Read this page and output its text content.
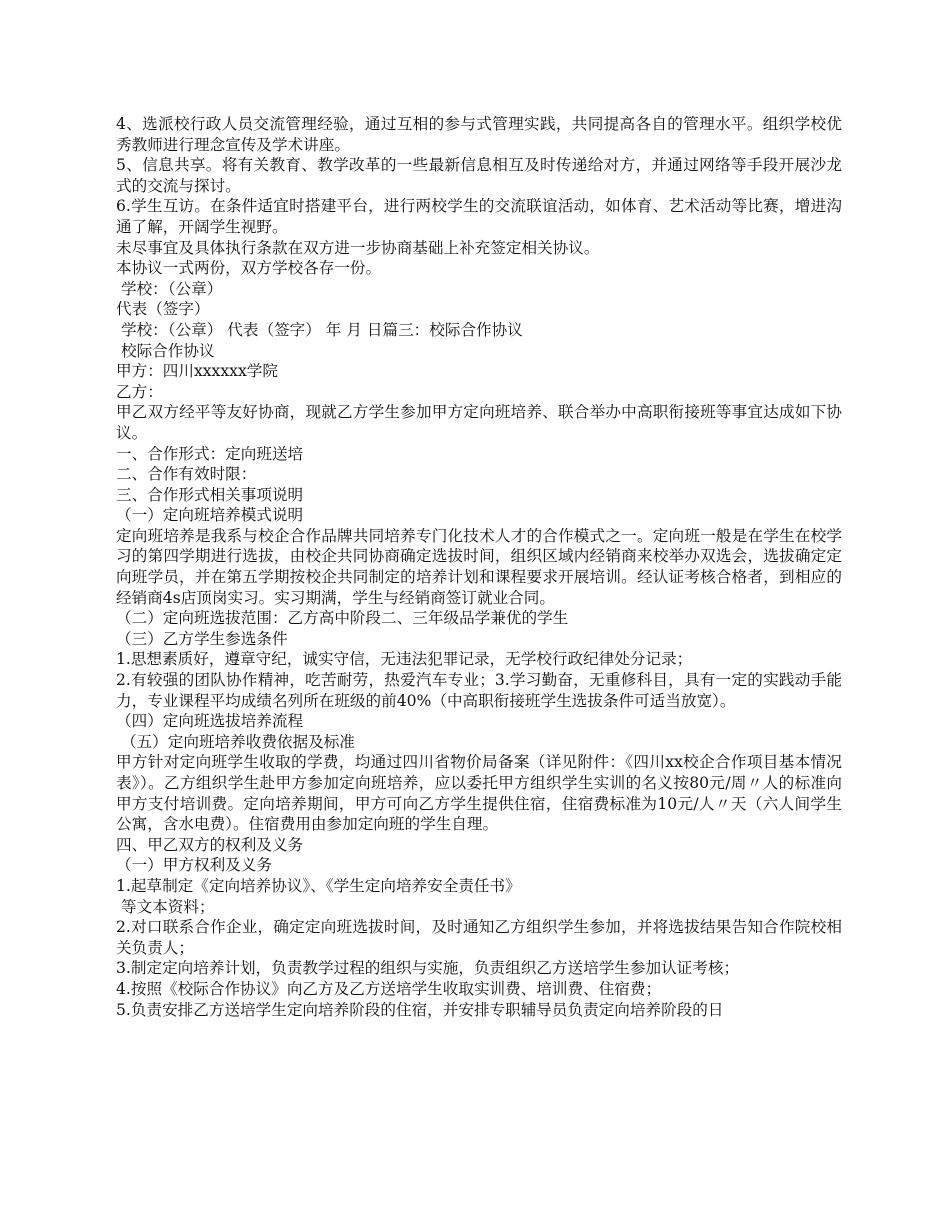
4、选派校行政人员交流管理经验，通过互相的参与式管理实践，共同提高各自的管理水平。组织学校优秀教师进行理念宣传及学术讲座。

5、信息共享。将有关教育、教学改革的一些最新信息相互及时传递给对方，并通过网络等手段开展沙龙式的交流与探讨。

6.学生互访。在条件适宜时搭建平台，进行两校学生的交流联谊活动，如体育、艺术活动等比赛，增进沟通了解，开阔学生视野。

未尽事宜及具体执行条款在双方进一步协商基础上补充签定相关协议。

本协议一式两份，双方学校各存一份。

学校：（公章）

代表（签字）

学校：（公章） 代表（签字） 年 月 日篇三：校际合作协议

校际合作协议

甲方：四川xxxxxx学院

乙方：

甲乙双方经平等友好协商，现就乙方学生参加甲方定向班培养、联合举办中高职衔接班等事宜达成如下协议。

一、合作形式：定向班送培

二、合作有效时限：

三、合作形式相关事项说明

（一）定向班培养模式说明

定向班培养是我系与校企合作品牌共同培养专门化技术人才的合作模式之一。定向班一般是在学生在校学习的第四学期进行选拔，由校企共同协商确定选拔时间，组织区域内经销商来校举办双选会，选拔确定定向班学员，并在第五学期按校企共同制定的培养计划和课程要求开展培训。经认证考核合格者，到相应的经销商4s店顶岗实习。实习期满，学生与经销商签订就业合同。

（二）定向班选拔范围：乙方高中阶段二、三年级品学兼优的学生

（三）乙方学生参选条件

1.思想素质好，遵章守纪，诚实守信，无违法犯罪记录，无学校行政纪律处分记录；

2.有较强的团队协作精神，吃苦耐劳，热爱汽车专业；3.学习勤奋，无重修科目，具有一定的实践动手能力，专业课程平均成绩名列所在班级的前40%（中高职衔接班学生选拔条件可适当放宽）。

（四）定向班选拔培养流程

（五）定向班培养收费依据及标准

甲方针对定向班学生收取的学费，均通过四川省物价局备案（详见附件：《四川xx校企合作项目基本情况表》）。乙方组织学生赴甲方参加定向班培养，应以委托甲方组织学生实训的名义按80元/周〃人的标准向甲方支付培训费。定向培养期间，甲方可向乙方学生提供住宿，住宿费标准为10元/人〃天（六人间学生公寓，含水电费）。住宿费用由参加定向班的学生自理。

四、甲乙双方的权利及义务

（一）甲方权利及义务

1.起草制定《定向培养协议》、《学生定向培养安全责任书》

等文本资料；

2.对口联系合作企业，确定定向班选拔时间，及时通知乙方组织学生参加，并将选拔结果告知合作院校相关负责人；

3.制定定向培养计划，负责教学过程的组织与实施，负责组织乙方送培学生参加认证考核；

4.按照《校际合作协议》向乙方及乙方送培学生收取实训费、培训费、住宿费；

5.负责安排乙方送培学生定向培养阶段的住宿，并安排专职辅导员负责定向培养阶段的日
